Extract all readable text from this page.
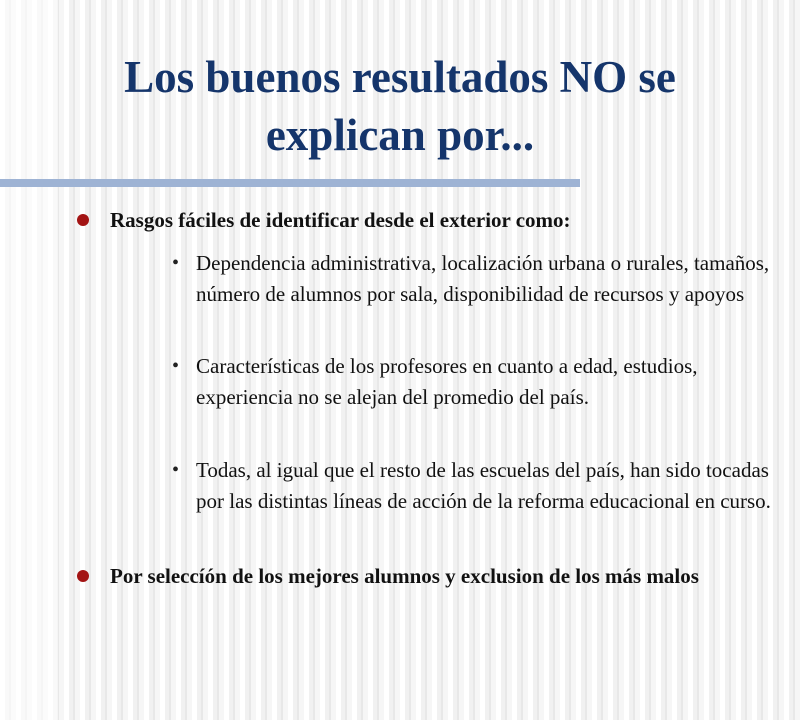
Los buenos resultados NO se
explican por...
Rasgos fáciles de identificar desde el exterior como:
• Dependencia administrativa, localización urbana o rurales, tamaños, número de alumnos por sala, disponibilidad de recursos y apoyos
• Características de los profesores en cuanto a edad, estudios, experiencia no se alejan del promedio del país.
• Todas, al igual que el resto de las escuelas del país, han sido tocadas por las distintas líneas de acción de la reforma educacional en curso.
Por seleccíón de los mejores alumnos y exclusion de los más malos
